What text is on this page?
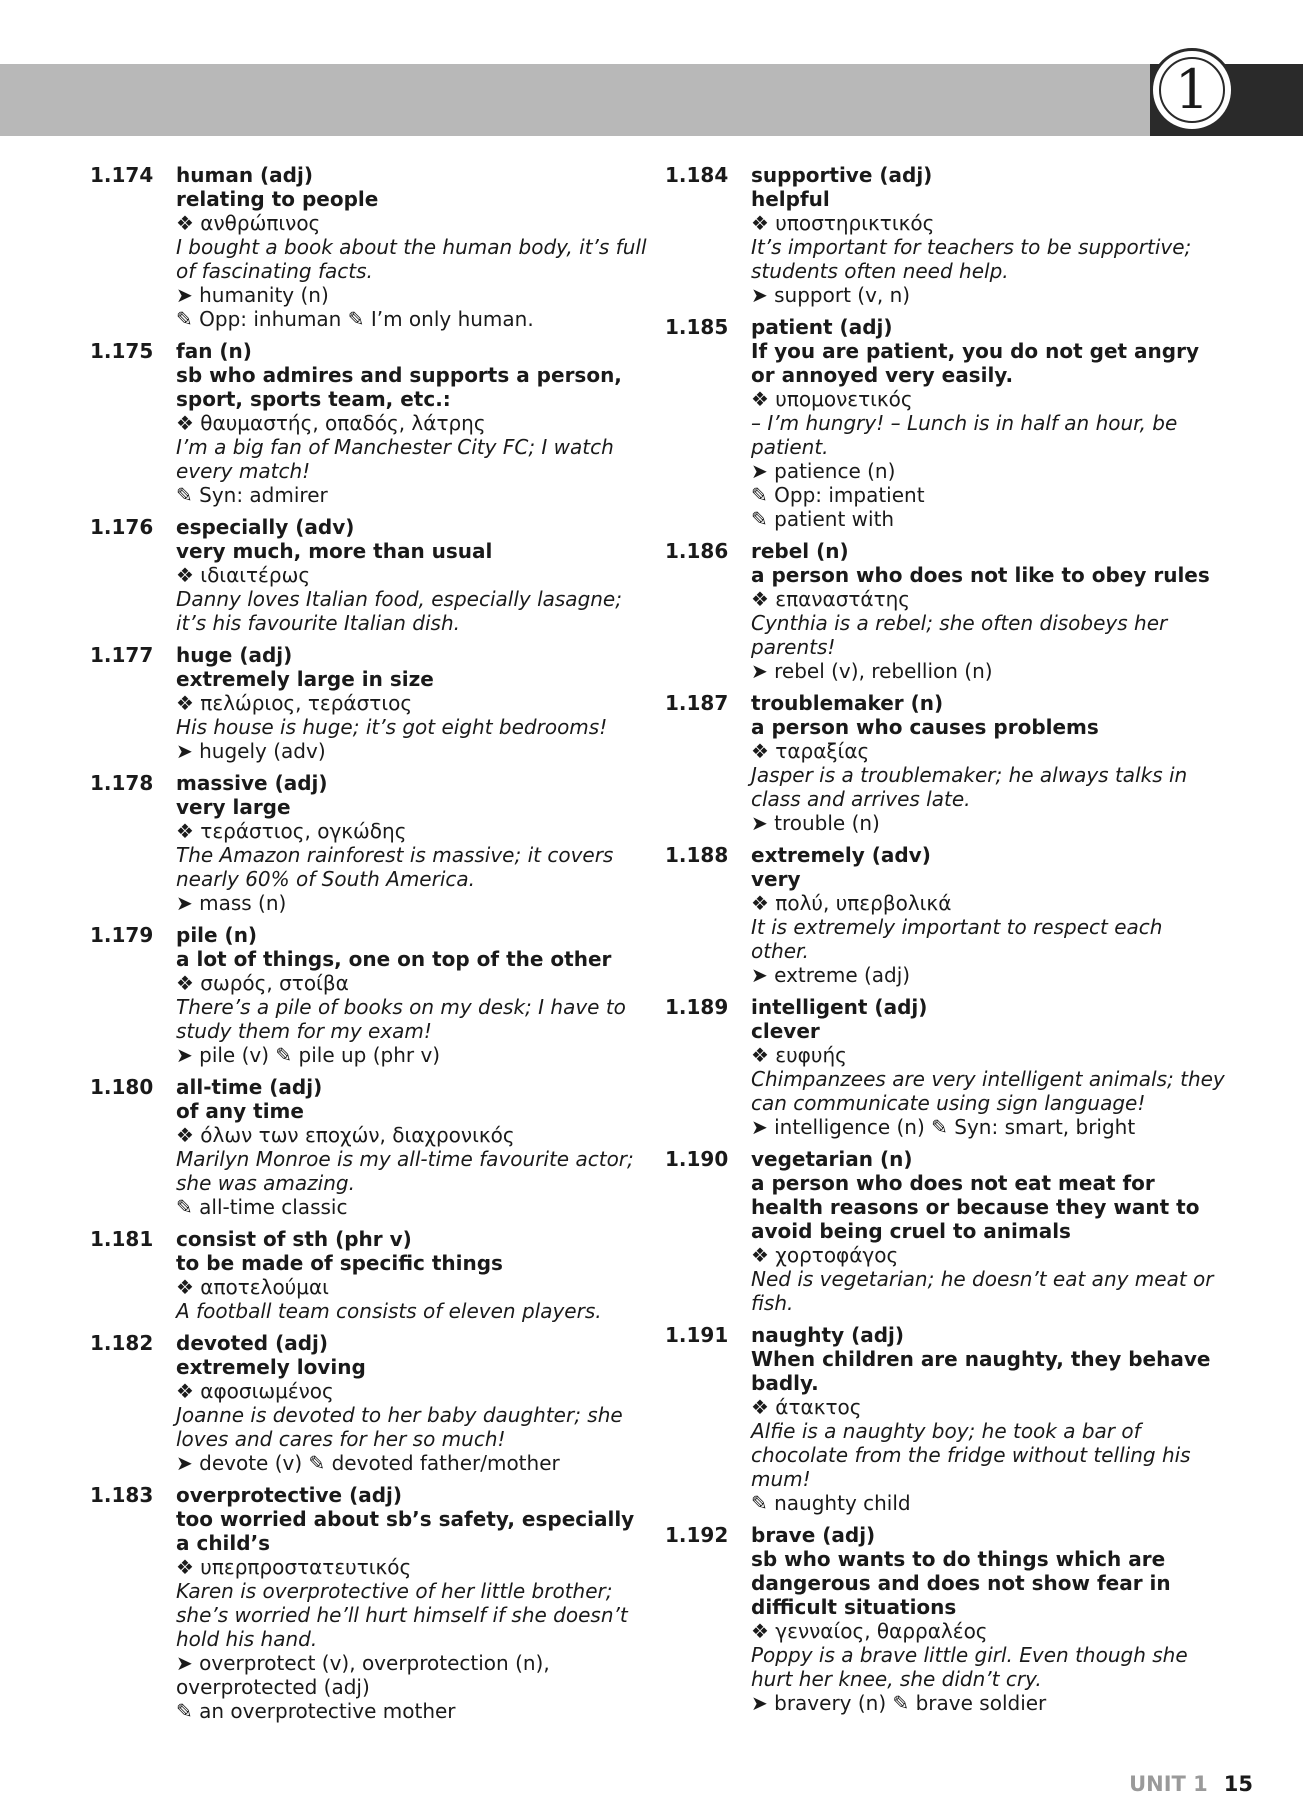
1
1.174 human (adj)
relating to people
❖ ανθρώπινος
I bought a book about the human body, it’s full of fascinating facts.
➤ humanity (n)
✎ Opp: inhuman ✎ I’m only human.
1.175 fan (n)
sb who admires and supports a person, sport, sports team, etc.:
❖ θαυμαστής, οπαδός, λάτρης
I’m a big fan of Manchester City FC; I watch every match!
✎ Syn: admirer
1.176 especially (adv)
very much, more than usual
❖ ιδιαιτέρως
Danny loves Italian food, especially lasagne; it’s his favourite Italian dish.
1.177 huge (adj)
extremely large in size
❖ πελώριος, τεράστιος
His house is huge; it’s got eight bedrooms!
➤ hugely (adv)
1.178 massive (adj)
very large
❖ τεράστιος, ογκώδης
The Amazon rainforest is massive; it covers nearly 60% of South America.
➤ mass (n)
1.179 pile (n)
a lot of things, one on top of the other
❖ σωρός, στοίβα
There’s a pile of books on my desk; I have to study them for my exam!
➤ pile (v) ✎ pile up (phr v)
1.180 all-time (adj)
of any time
❖ όλων των εποχών, διαχρονικός
Marilyn Monroe is my all-time favourite actor; she was amazing.
✎ all-time classic
1.181 consist of sth (phr v)
to be made of specific things
❖ αποτελούμαι
A football team consists of eleven players.
1.182 devoted (adj)
extremely loving
❖ αφοσιωμένος
Joanne is devoted to her baby daughter; she loves and cares for her so much!
➤ devote (v) ✎ devoted father/mother
1.183 overprotective (adj)
too worried about sb’s safety, especially a child’s
❖ υπερπροστατευτικός
Karen is overprotective of her little brother; she’s worried he’ll hurt himself if she doesn’t hold his hand.
➤ overprotect (v), overprotection (n), overprotected (adj)
✎ an overprotective mother
1.184 supportive (adj)
helpful
❖ υποστηρικτικός
It’s important for teachers to be supportive; students often need help.
➤ support (v, n)
1.185 patient (adj)
If you are patient, you do not get angry or annoyed very easily.
❖ υπομονετικός
– I’m hungry! – Lunch is in half an hour, be patient.
➤ patience (n)
✎ Opp: impatient
✎ patient with
1.186 rebel (n)
a person who does not like to obey rules
❖ επαναστάτης
Cynthia is a rebel; she often disobeys her parents!
➤ rebel (v), rebellion (n)
1.187 troublemaker (n)
a person who causes problems
❖ ταραξίας
Jasper is a troublemaker; he always talks in class and arrives late.
➤ trouble (n)
1.188 extremely (adv)
very
❖ πολύ, υπερβολικά
It is extremely important to respect each other.
➤ extreme (adj)
1.189 intelligent (adj)
clever
❖ ευφυής
Chimpanzees are very intelligent animals; they can communicate using sign language!
➤ intelligence (n) ✎ Syn: smart, bright
1.190 vegetarian (n)
a person who does not eat meat for health reasons or because they want to avoid being cruel to animals
❖ χορτοφάγος
Ned is vegetarian; he doesn’t eat any meat or fish.
1.191 naughty (adj)
When children are naughty, they behave badly.
❖ άτακτος
Alfie is a naughty boy; he took a bar of chocolate from the fridge without telling his mum!
✎ naughty child
1.192 brave (adj)
sb who wants to do things which are dangerous and does not show fear in difficult situations
❖ γενναίος, θαρραλέος
Poppy is a brave little girl. Even though she hurt her knee, she didn’t cry.
➤ bravery (n) ✎ brave soldier
UNIT 1 15
